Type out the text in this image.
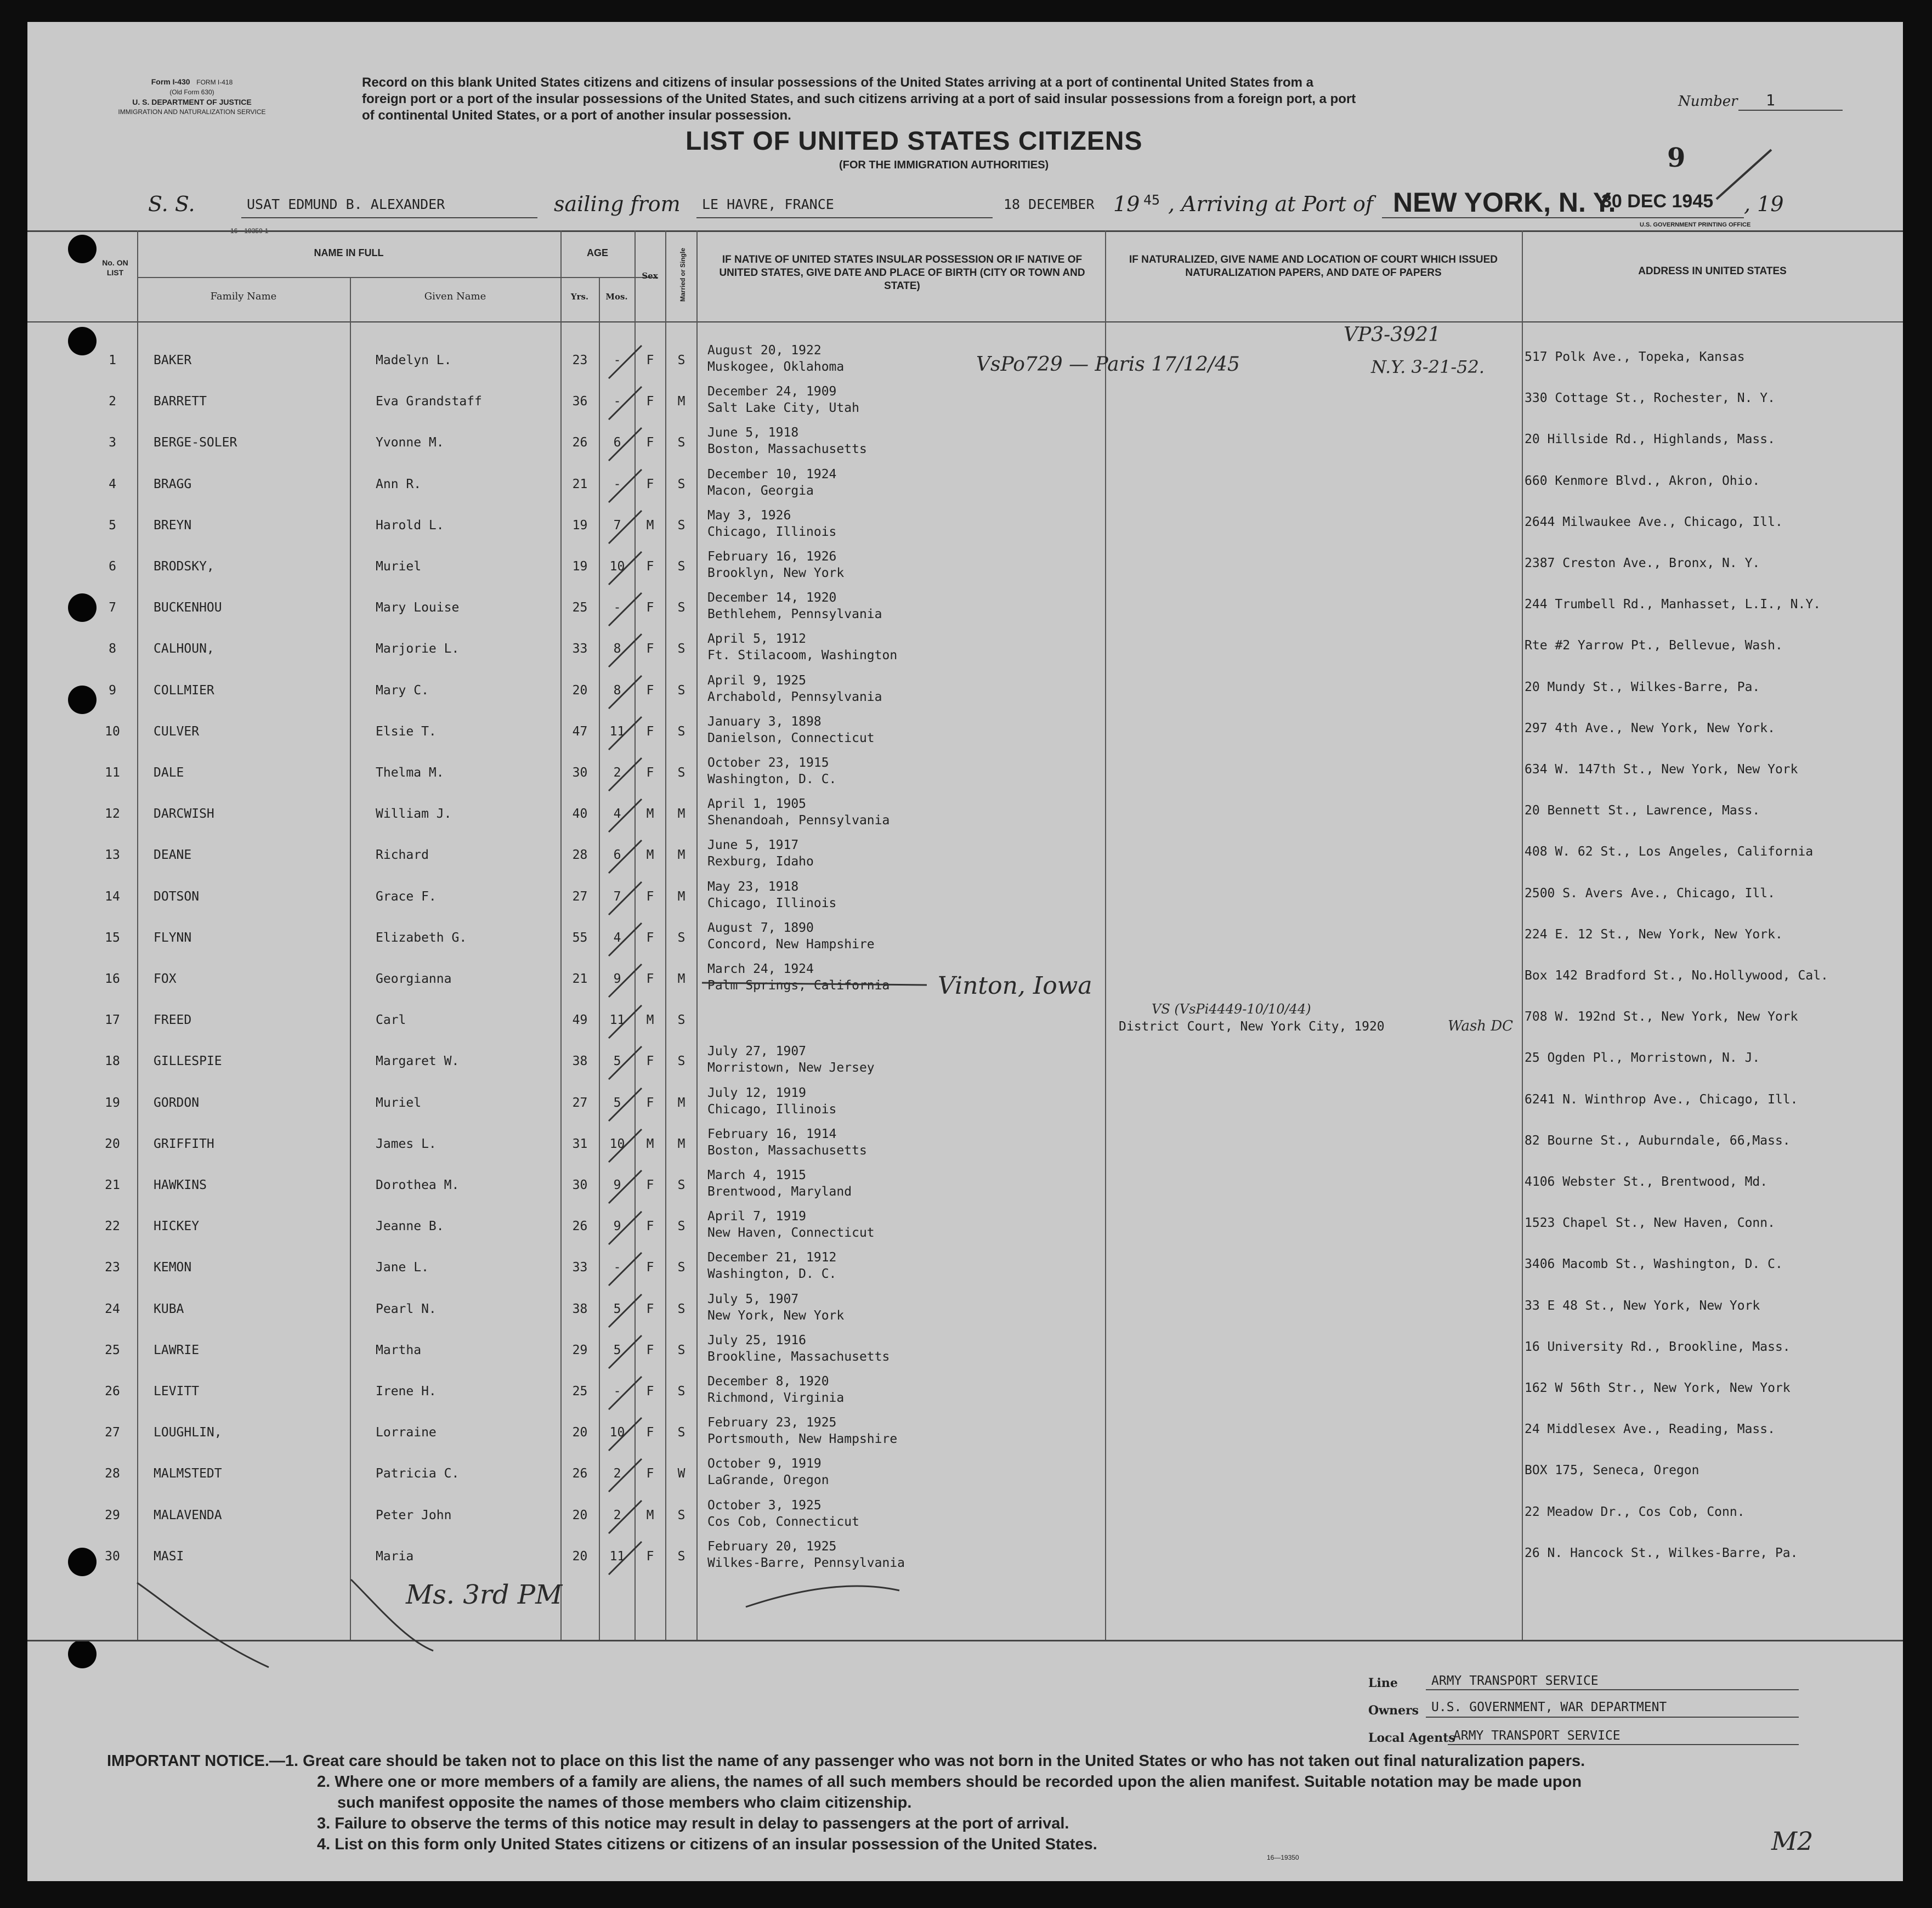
Form I-430 FORM I-418
(Old Form 630)
U. S. DEPARTMENT OF JUSTICE
IMMIGRATION AND NATURALIZATION SERVICE
Record on this blank United States citizens and citizens of insular possessions of the United States arriving at a port of continental United States from a
foreign port or a port of the insular possessions of the United States, and such citizens arriving at a port of said insular possessions from a foreign port, a port
of continental United States, or a port of another insular possession.
Number 1
LIST OF UNITED STATES CITIZENS
(FOR THE IMMIGRATION AUTHORITIES)	9
S. S.	USAT EDMUND B. ALEXANDER	sailing from LE HAVRE, FRANCE	18 DECEMBER 19 45 , Arriving at Port of NEW YORK, N. Y.
30 DEC 1945 , 19
U.S. GOVERNMENT PRINTING OFFICE
No. ON LIST
NAME IN FULL
Family Name	Given Name
AGE
Yrs.	Mos.
Sex	Married or Single	IF NATIVE OF UNITED STATES INSULAR POSSESSION OR IF NATIVE OF UNITED STATES, GIVE DATE AND PLACE OF BIRTH (CITY OR TOWN AND STATE)
IF NATURALIZED, GIVE NAME AND LOCATION OF COURT WHICH ISSUED NATURALIZATION PAPERS, AND DATE OF PAPERS	ADDRESS IN UNITED STATES
1	BAKER	Madelyn L.	23	-	F	S
August 20, 1922
Muskogee, Oklahoma
517 Polk Ave., Topeka, Kansas
2	BARRETT	Eva Grandstaff	36	-	F	M
December 24, 1909
Salt Lake City, Utah
330 Cottage St., Rochester, N. Y.
3	BERGE-SOLER	Yvonne M.	26	6	F	S
June 5, 1918
Boston, Massachusetts
20 Hillside Rd., Highlands, Mass.
4	BRAGG	Ann R.	21	-	F	S
December 10, 1924
Macon, Georgia
660 Kenmore Blvd., Akron, Ohio.
5	BREYN	Harold L.	19	7	M	S
May 3, 1926
Chicago, Illinois
2644 Milwaukee Ave., Chicago, Ill.
6	BRODSKY,	Muriel	19	10	F	S
February 16, 1926
Brooklyn, New York
2387 Creston Ave., Bronx, N. Y.
7	BUCKENHOU	Mary Louise	25	-	F	S
December 14, 1920
Bethlehem, Pennsylvania
244 Trumbell Rd., Manhasset, L.I., N.Y.
8	CALHOUN,	Marjorie L.	33	8	F	S
April 5, 1912
Ft. Stilacoom, Washington
Rte #2 Yarrow Pt., Bellevue, Wash.
9	COLLMIER	Mary C.	20	8	F	S
April 9, 1925
Archabold, Pennsylvania
20 Mundy St., Wilkes-Barre, Pa.
10	CULVER	Elsie T.	47	11	F	S
January 3, 1898
Danielson, Connecticut
297 4th Ave., New York, New York.
11	DALE	Thelma M.	30	2	F	S
October 23, 1915
Washington, D. C.
634 W. 147th St., New York, New York
12	DARCWISH	William J.	40	4	M	M
April 1, 1905
Shenandoah, Pennsylvania
20 Bennett St., Lawrence, Mass.
13	DEANE	Richard	28	6	M	M
June 5, 1917
Rexburg, Idaho
408 W. 62 St., Los Angeles, California
14	DOTSON	Grace F.	27	7	F	M
May 23, 1918
Chicago, Illinois
2500 S. Avers Ave., Chicago, Ill.
15	FLYNN	Elizabeth G.	55	4	F	S
August 7, 1890
Concord, New Hampshire
224 E. 12 St., New York, New York.
16	FOX	Georgianna	21	9	F	M
March 24, 1924
Palm Springs, California
Box 142 Bradford St., No.Hollywood, Cal.
17	FREED	Carl	49	11	M	S	District Court, New York City, 1920
708 W. 192nd St., New York, New York
18	GILLESPIE	Margaret W.	38	5	F	S
July 27, 1907
Morristown, New Jersey
25 Ogden Pl., Morristown, N. J.
19	GORDON	Muriel	27	5	F	M
July 12, 1919
Chicago, Illinois
6241 N. Winthrop Ave., Chicago, Ill.
20	GRIFFITH	James L.	31	10	M	M
February 16, 1914
Boston, Massachusetts
82 Bourne St., Auburndale, 66,Mass.
21	HAWKINS	Dorothea M.	30	9	F	S
March 4, 1915
Brentwood, Maryland
4106 Webster St., Brentwood, Md.
22	HICKEY	Jeanne B.	26	9	F	S
April 7, 1919
New Haven, Connecticut
1523 Chapel St., New Haven, Conn.
23	KEMON	Jane L.	33	-	F	S
December 21, 1912
Washington, D. C.
3406 Macomb St., Washington, D. C.
24	KUBA	Pearl N.	38	5	F	S
July 5, 1907
New York, New York
33 E 48 St., New York, New York
25	LAWRIE	Martha	29	5	F	S
July 25, 1916
Brookline, Massachusetts
16 University Rd., Brookline, Mass.
26	LEVITT	Irene H.	25	-	F	S
December 8, 1920
Richmond, Virginia
162 W 56th Str., New York, New York
27	LOUGHLIN,	Lorraine	20	10	F	S
February 23, 1925
Portsmouth, New Hampshire
24 Middlesex Ave., Reading, Mass.
28	MALMSTEDT	Patricia C.	26	2	F	W
October 9, 1919
LaGrande, Oregon
BOX 175, Seneca, Oregon
29	MALAVENDA	Peter John	20	2	M	S
October 3, 1925
Cos Cob, Connecticut
22 Meadow Dr., Cos Cob, Conn.
30	MASI	Maria	20	11	F	S
February 20, 1925
Wilkes-Barre, Pennsylvania
26 N. Hancock St., Wilkes-Barre, Pa.
VP3-3921
VsPo729 — Paris 17/12/45	N.Y. 3-21-52.
Vinton, Iowa
VS (VsPi4449-10/10/44)
Wash DC
Ms. 3rd PM
Line	ARMY TRANSPORT SERVICE
Owners U.S. GOVERNMENT, WAR DEPARTMENT
Local Agents
ARMY TRANSPORT SERVICE
IMPORTANT NOTICE.—1. Great care should be taken not to place on this list the name of any passenger who was not born in the United States or who has not taken out final naturalization papers.
2. Where one or more members of a family are aliens, the names of all such members should be recorded upon the alien manifest. Suitable notation may be made upon
such manifest opposite the names of those members who claim citizenship.
3. Failure to observe the terms of this notice may result in delay to passengers at the port of arrival.
4. List on this form only United States citizens or citizens of an insular possession of the United States.
16—19350
M2
